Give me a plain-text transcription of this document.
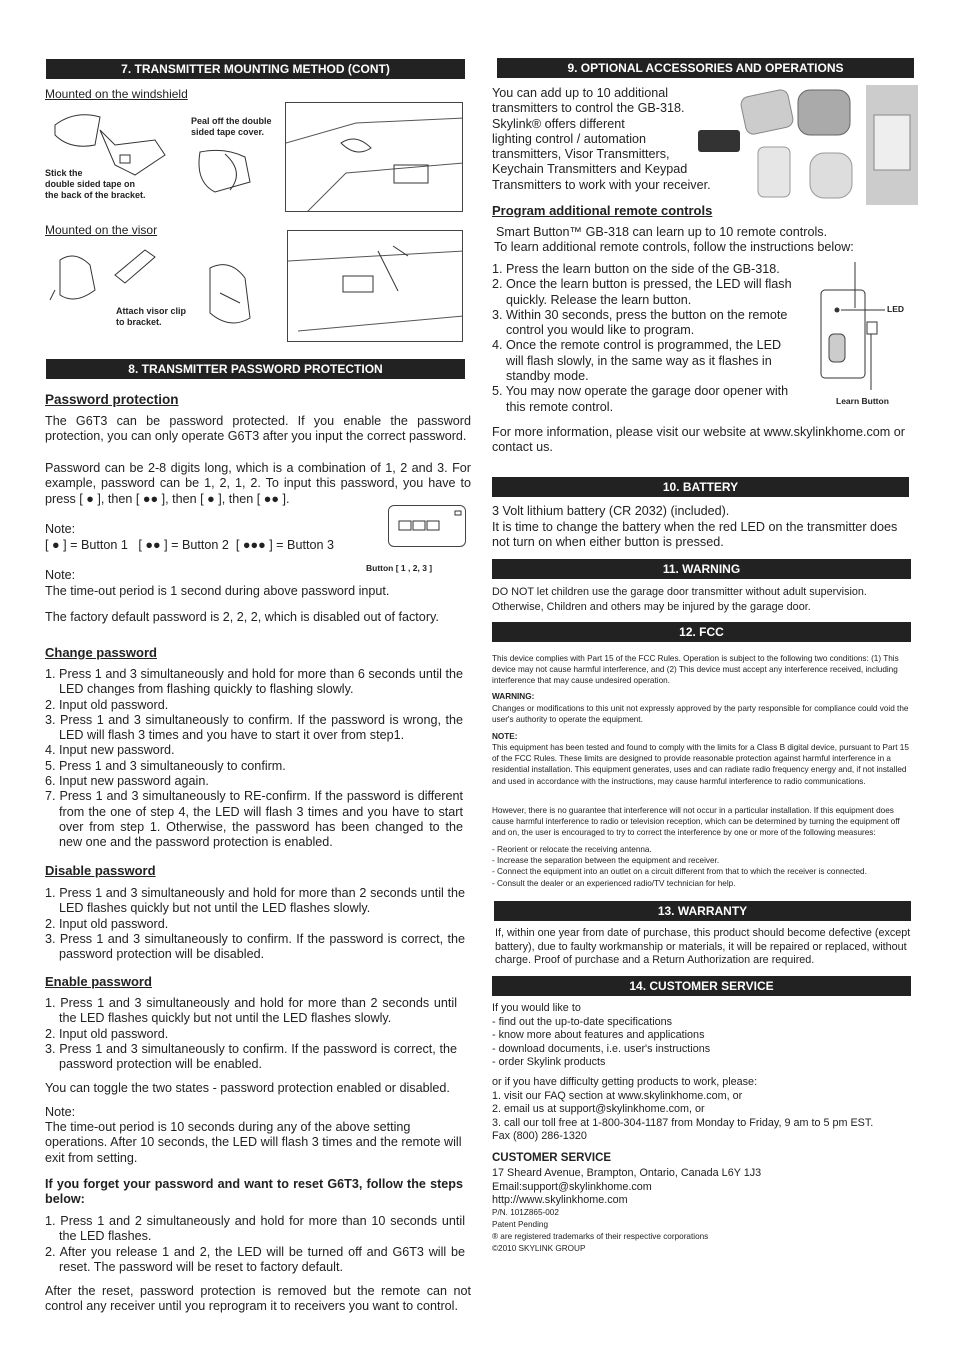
7. TRANSMITTER MOUNTING METHOD (CONT)
Mounted on the windshield
Stick the
double sided tape on
the back of the bracket.
Peal off the double
sided tape cover.
Mounted on the visor
Attach visor clip
to bracket.
8. TRANSMITTER PASSWORD PROTECTION
Password protection
The G6T3 can be password protected. If you enable the password protection, you can only operate G6T3 after you input the correct password.
Password can be 2-8 digits long, which is a combination of 1, 2 and 3. For example, password can be 1, 2, 1, 2. To input this password, you have to press [ ● ], then [ ●● ], then [ ● ], then [ ●● ].
Note:
[ ● ] = Button 1 [ ●● ] = Button 2 [ ●●● ] = Button 3
Button [ 1 , 2, 3 ]
Note:
The time-out period is 1 second during above password input.
The factory default password is 2, 2, 2, which is disabled out of factory.
Change password
1. Press 1 and 3 simultaneously and hold for more than 6 seconds until the LED changes from flashing quickly to flashing slowly.
2. Input old password.
3. Press 1 and 3 simultaneously to confirm. If the password is wrong, the LED will flash 3 times and you have to start it over from step1.
4. Input new password.
5. Press 1 and 3 simultaneously to confirm.
6. Input new password again.
7. Press 1 and 3 simultaneously to RE-confirm. If the password is different from the one of step 4, the LED will flash 3 times and you have to start over from step 1. Otherwise, the password has been changed to the new one and the password protection is enabled.
Disable password
1. Press 1 and 3 simultaneously and hold for more than 2 seconds until the LED flashes quickly but not until the LED flashes slowly.
2. Input old password.
3. Press 1 and 3 simultaneously to confirm. If the password is correct, the password protection will be disabled.
Enable password
1. Press 1 and 3 simultaneously and hold for more than 2 seconds until the LED flashes quickly but not until the LED flashes slowly.
2. Input old password.
3. Press 1 and 3 simultaneously to confirm. If the password is correct, the password protection will be enabled.
You can toggle the two states - password protection enabled or disabled.
Note:
The time-out period is 10 seconds during any of the above setting operations. After 10 seconds, the LED will flash 3 times and the remote will exit from setting.
If you forget your password and want to reset G6T3, follow the steps below:
1. Press 1 and 2 simultaneously and hold for more than 10 seconds until the LED flashes.
2. After you release 1 and 2, the LED will be turned off and G6T3 will be reset. The password will be reset to factory default.
After the reset, password protection is removed but the remote can not control any receiver until you reprogram it to receivers you want to control.
9. OPTIONAL ACCESSORIES AND OPERATIONS
You can add up to 10 additional
transmitters to control the GB-318.
Skylink® offers different
lighting control / automation
transmitters, Visor Transmitters,
Keychain Transmitters and Keypad
Transmitters to work with your receiver.
Program additional remote controls
Smart Button™ GB-318 can learn up to 10 remote controls.
To learn additional remote controls, follow the instructions below:
1. Press the learn button on the side of the GB-318.
2. Once the learn button is pressed, the LED will flash quickly. Release the learn button.
3. Within 30 seconds, press the button on the remote control you would like to program.
4. Once the remote control is programmed, the LED will flash slowly, in the same way as it flashes in standby mode.
5. You may now operate the garage door opener with this remote control.
LED
Learn Button
For more information, please visit our website at www.skylinkhome.com or contact us.
10. BATTERY
3 Volt lithium battery (CR 2032) (included).
It is time to change the battery when the red LED on the transmitter does not turn on when either button is pressed.
11. WARNING
DO NOT let children use the garage door transmitter without adult supervision. Otherwise, Children and others may be injured by the garage door.
12. FCC
This device complies with Part 15 of the FCC Rules. Operation is subject to the following two conditions: (1) This device may not cause harmful interference, and (2) This device must accept any interference received, including interference that may cause undesired operation.
WARNING:
Changes or modifications to this unit not expressly approved by the party responsible for compliance could void the user's authority to operate the equipment.
NOTE:
This equipment has been tested and found to comply with the limits for a Class B digital device, pursuant to Part 15 of the FCC Rules. These limits are designed to provide reasonable protection against harmful interference in a residential installation. This equipment generates, uses and can radiate radio frequency energy and, if not installed and used in accordance with the instructions, may cause harmful interference to radio communications.
However, there is no guarantee that interference will not occur in a particular installation. If this equipment does cause harmful interference to radio or television reception, which can be determined by turning the equipment off and on, the user is encouraged to try to correct the interference by one or more of the following measures:
- Reorient or relocate the receiving antenna.
- Increase the separation between the equipment and receiver.
- Connect the equipment into an outlet on a circuit different from that to which the receiver is connected.
- Consult the dealer or an experienced radio/TV technician for help.
13. WARRANTY
If, within one year from date of purchase, this product should become defective (except battery), due to faulty workmanship or materials, it will be repaired or replaced, without charge. Proof of purchase and a Return Authorization are required.
14. CUSTOMER SERVICE
If you would like to
- find out the up-to-date specifications
- know more about features and applications
- download documents, i.e. user's instructions
- order Skylink products
or if you have difficulty getting products to work, please:
1. visit our FAQ section at www.skylinkhome.com, or
2. email us at support@skylinkhome.com, or
3. call our toll free at 1-800-304-1187 from Monday to Friday, 9 am to 5 pm EST.
Fax (800) 286-1320
CUSTOMER SERVICE
17 Sheard Avenue, Brampton, Ontario, Canada L6Y 1J3
Email:support@skylinkhome.com
http://www.skylinkhome.com
P/N. 101Z865-002
Patent Pending
® are registered trademarks of their respective corporations
©2010 SKYLINK GROUP
